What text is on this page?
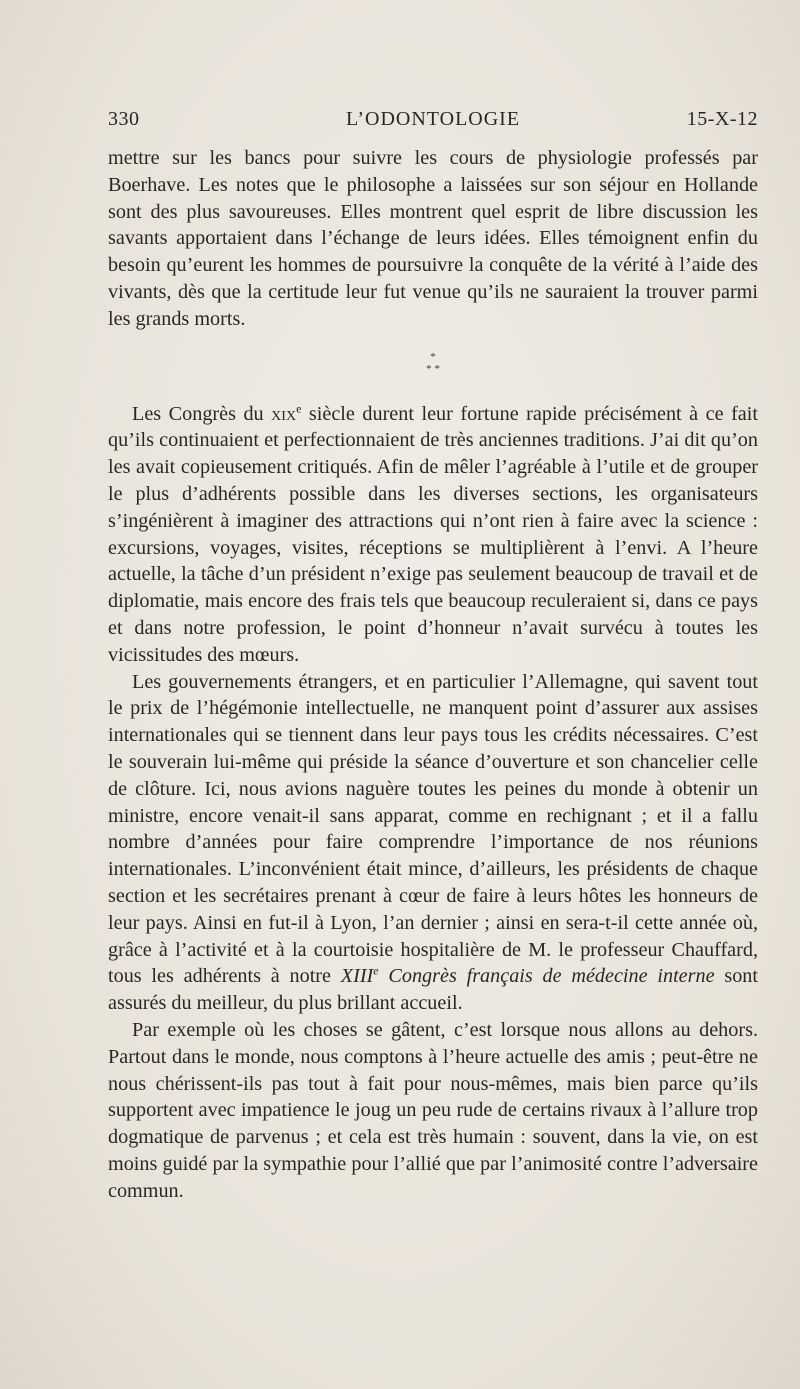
330	L’ODONTOLOGIE	15-X-12

mettre sur les bancs pour suivre les cours de physiologie professés par Boerhave. Les notes que le philosophe a laissées sur son séjour en Hollande sont des plus savoureuses. Elles montrent quel esprit de libre discussion les savants apportaient dans l’échange de leurs idées. Elles témoignent enfin du besoin qu’eurent les hommes de poursuivre la conquête de la vérité à l’aide des vivants, dès que la certitude leur fut venue qu’ils ne sauraient la trouver parmi les grands morts.

*
* *

Les Congrès du xix$^e$ siècle durent leur fortune rapide précisément à ce fait qu’ils continuaient et perfectionnaient de très anciennes traditions. J’ai dit qu’on les avait copieusement critiqués. Afin de mêler l’agréable à l’utile et de grouper le plus d’adhérents possible dans les diverses sections, les organisateurs s’ingénièrent à imaginer des attractions qui n’ont rien à faire avec la science : excursions, voyages, visites, réceptions se multiplièrent à l’envi. A l’heure actuelle, la tâche d’un président n’exige pas seulement beaucoup de travail et de diplomatie, mais encore des frais tels que beaucoup reculeraient si, dans ce pays et dans notre profession, le point d’honneur n’avait survécu à toutes les vicissitudes des mœurs.

Les gouvernements étrangers, et en particulier l’Allemagne, qui savent tout le prix de l’hégémonie intellectuelle, ne manquent point d’assurer aux assises internationales qui se tiennent dans leur pays tous les crédits nécessaires. C’est le souverain lui-même qui préside la séance d’ouverture et son chancelier celle de clôture. Ici, nous avions naguère toutes les peines du monde à obtenir un ministre, encore venait-il sans apparat, comme en rechignant ; et il a fallu nombre d’années pour faire comprendre l’importance de nos réunions internationales. L’inconvénient était mince, d’ailleurs, les présidents de chaque section et les secrétaires prenant à cœur de faire à leurs hôtes les honneurs de leur pays. Ainsi en fut-il à Lyon, l’an dernier ; ainsi en sera-t-il cette année où, grâce à l’activité et à la courtoisie hospitalière de M. le professeur Chauffard, tous les adhérents à notre XIIIe Congrès français de médecine interne sont assurés du meilleur, du plus brillant accueil.

Par exemple où les choses se gâtent, c’est lorsque nous allons au dehors. Partout dans le monde, nous comptons à l’heure actuelle des amis ; peut-être ne nous chérissent-ils pas tout à fait pour nous-mêmes, mais bien parce qu’ils supportent avec impatience le joug un peu rude de certains rivaux à l’allure trop dogmatique de parvenus ; et cela est très humain : souvent, dans la vie, on est moins guidé par la sympathie pour l’allié que par l’animosité contre l’adversaire commun.
